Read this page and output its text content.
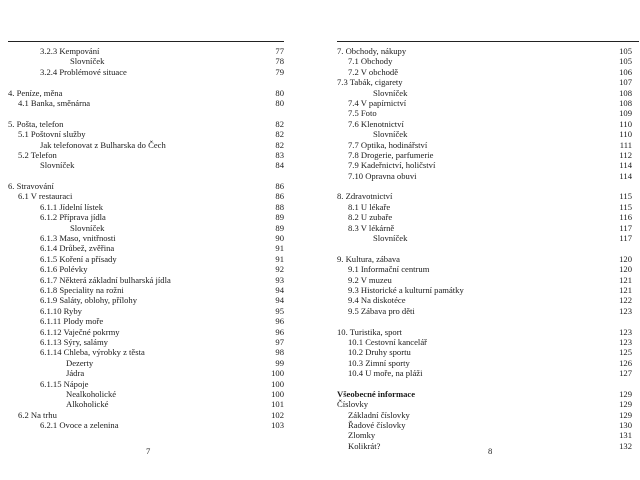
3.2.3 Kempování	77
Slovníček	78
3.2.4 Problémové situace	79
4. Peníze, měna	80
4.1 Banka, směnárna	80
5. Pošta, telefon	82
5.1 Poštovní služby	82
Jak telefonovat z Bulharska do Čech	82
5.2 Telefon	83
Slovníček	84
6. Stravování	86
6.1 V restauraci	86
6.1.1 Jídelní lístek	88
6.1.2 Příprava jídla	89
Slovníček	89
6.1.3 Maso, vnitřnosti	90
6.1.4 Drůbež, zvěřina	91
6.1.5 Koření a přísady	91
6.1.6 Polévky	92
6.1.7 Některá základní bulharská jídla	93
6.1.8 Speciality na rožni	94
6.1.9 Saláty, oblohy, přílohy	94
6.1.10 Ryby	95
6.1.11 Plody moře	96
6.1.12 Vaječné pokrmy	96
6.1.13 Sýry, salámy	97
6.1.14 Chleba, výrobky z těsta	98
Dezerty	99
Jádra	100
6.1.15 Nápoje	100
Nealkoholické	100
Alkoholické	101
6.2 Na trhu	102
6.2.1 Ovoce a zelenina	103
7
7. Obchody, nákupy	105
7.1 Obchody	105
7.2 V obchodě	106
7.3 Tabák, cigarety	107
Slovníček	108
7.4 V papírnictví	108
7.5 Foto	109
7.6 Klenotnictví	110
Slovníček	110
7.7 Optika, hodinářství	111
7.8 Drogerie, parfumerie	112
7.9 Kadeřnictví, holičství	114
7.10 Opravna obuvi	114
8. Zdravotnictví	115
8.1 U lékaře	115
8.2 U zubaře	116
8.3 V lékárně	117
Slovníček	117
9. Kultura, zábava	120
9.1 Informační centrum	120
9.2 V muzeu	121
9.3 Historické a kulturní památky	121
9.4 Na diskotéce	122
9.5 Zábava pro děti	123
10. Turistika, sport	123
10.1 Cestovní kancelář	123
10.2 Druhy sportu	125
10.3 Zimní sporty	126
10.4 U moře, na pláži	127
Všeobecné informace	129
Číslovky	129
Základní číslovky	129
Řadové číslovky	130
Zlomky	131
Kolikrát?	132
8
